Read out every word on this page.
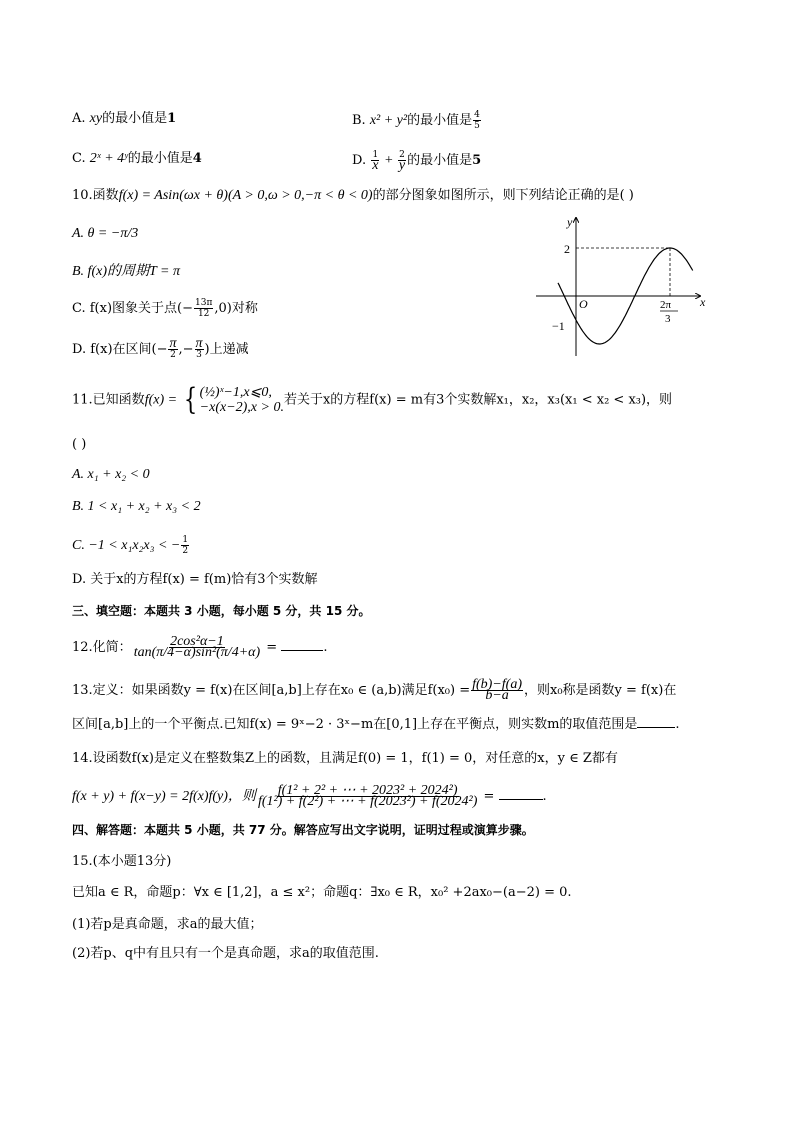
A. xy的最小值是1	B. x² + y²的最小值是 $\frac{4}{5}$
C. 2ˣ + 4ʸ的最小值是4	D. $\frac{1}{x} + \frac{2}{y}$ 的最小值是5
10.函数f(x) = Asin(ωx + θ)(A > 0,ω > 0,−π < θ < 0)的部分图象如图所示，则下列结论正确的是( )
A. θ = −π/3
B. f(x)的周期T = π
C. f(x)图象关于点(− $\frac{13\pi}{12} ,0$)对称
D. f(x)在区间(− $\frac{\pi}{2}$ ,− $\frac{\pi}{3}$ )上递减
y
x
O
2
−1
2π
3
11.已知函数f(x) = { (½)ˣ−1,x⩽0,
−x(x−2),x > 0. 若关于x的方程f(x) = m有3个实数解x₁，x₂，x₃(x₁ < x₂ < x₃)，则
( )
A. x₁ + x₂ < 0
B. 1 < x₁ + x₂ + x₃ < 2
C. −1 < x₁x₂x₃ < − $\frac{1}{2}$
D. 关于x的方程f(x) = f(m)恰有3个实数解
三、填空题：本题共 3 小题，每小题 5 分，共 15 分。
12.化简： $\frac{\text{2cos²α−1}}{\text{tan(π/4−α)sin²(π/4+α)}}$ =	.
13.定义：如果函数y = f(x)在区间[a,b]上存在x₀ ∈ (a,b)满足$f(x_0) = \frac{f(b)-f(a)}{b-a}$ ，则x₀称是函数y = f(x)在
区间[a,b]上的一个平衡点.已知f(x) = 9ˣ−2 · 3ˣ−m在[0,1]上存在平衡点，则实数m的取值范围是	.
14.设函数f(x)是定义在整数集Z上的函数，且满足f(0) = 1，f(1) = 0，对任意的x，y ∈ Z都有
f(x + y) + f(x−y) = 2f(x)f(y)，则 $\frac{\text{f(1² + 2² + ⋯ + 2023² + 2024²)}}{\text{f(1²) + f(2²) + ⋯ + f(2023²) + f(2024²)}}$ =	.
四、解答题：本题共 5 小题，共 77 分。解答应写出文字说明，证明过程或演算步骤。
15.(本小题13分)
已知a ∈ R，命题p：∀x ∈ [1,2]，a ≤ x²；命题q：∃x₀ ∈ R，x₀² +2ax₀−(a−2) = 0.
(1)若p是真命题，求a的最大值；
(2)若p、q中有且只有一个是真命题，求a的取值范围.
